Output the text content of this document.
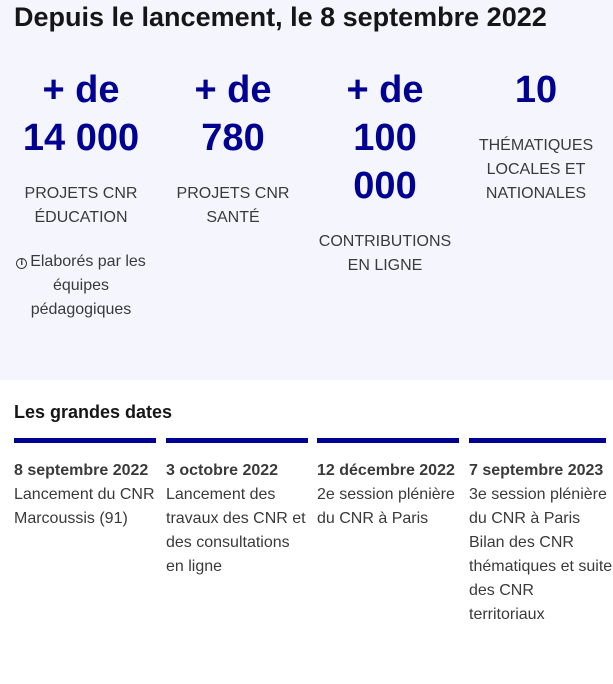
Depuis le lancement, le 8 septembre 2022
+ de
14 000
PROJETS CNR
ÉDUCATION
i Elaborés par les équipes pédagogiques
+ de
780
PROJETS CNR
SANTÉ
+ de
100
000
CONTRIBUTIONS
EN LIGNE
10
THÉMATIQUES
LOCALES ET
NATIONALES
Les grandes dates
8 septembre 2022
Lancement du CNR
Marcoussis (91)
3 octobre 2022
Lancement des travaux des CNR et des consultations en ligne
12 décembre 2022
2e session plénière du CNR à Paris
7 septembre 2023
3e session plénière du CNR à Paris
Bilan des CNR thématiques et suite des CNR territoriaux
